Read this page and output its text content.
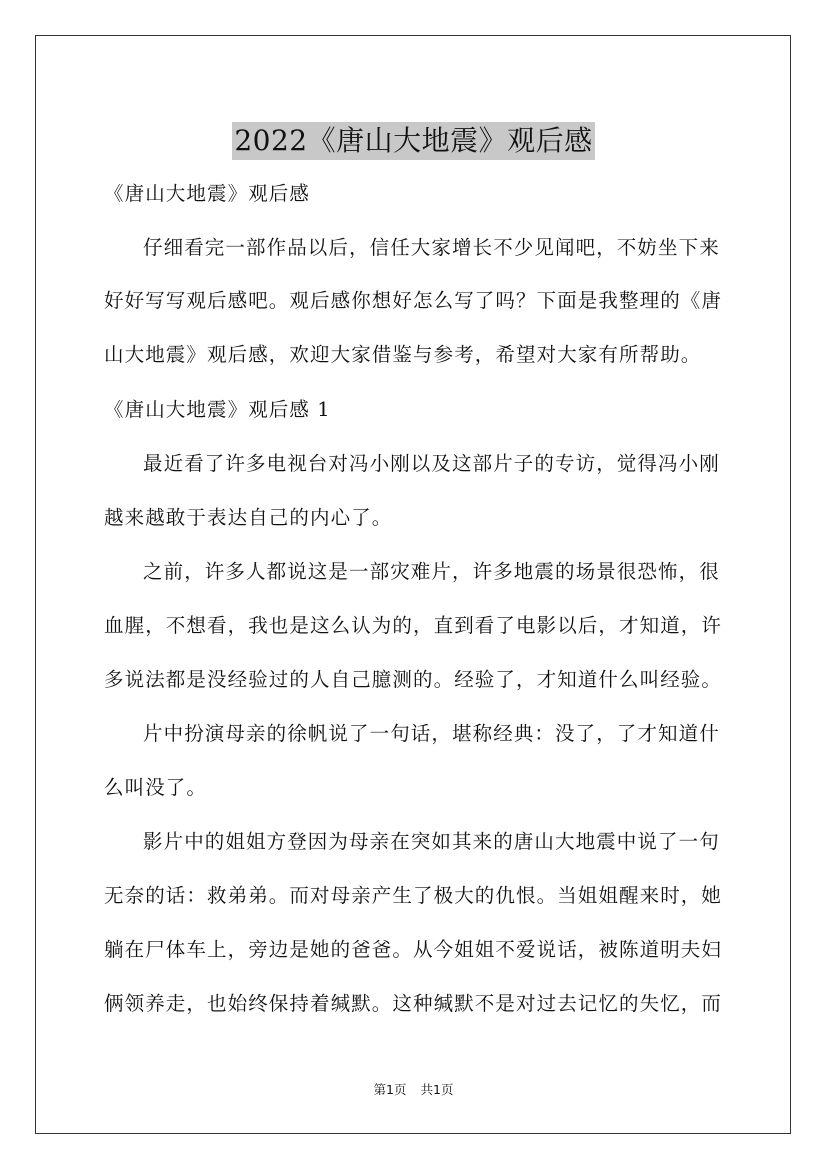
2022《唐山大地震》观后感
《唐山大地震》观后感
仔细看完一部作品以后，信任大家增长不少见闻吧，不妨坐下来
好好写写观后感吧。观后感你想好怎么写了吗？下面是我整理的《唐
山大地震》观后感，欢迎大家借鉴与参考，希望对大家有所帮助。
《唐山大地震》观后感 1
最近看了许多电视台对冯小刚以及这部片子的专访，觉得冯小刚
越来越敢于表达自己的内心了。
之前，许多人都说这是一部灾难片，许多地震的场景很恐怖，很
血腥，不想看，我也是这么认为的，直到看了电影以后，才知道，许
多说法都是没经验过的人自己臆测的。经验了，才知道什么叫经验。
片中扮演母亲的徐帆说了一句话，堪称经典：没了，了才知道什
么叫没了。
影片中的姐姐方登因为母亲在突如其来的唐山大地震中说了一句
无奈的话：救弟弟。而对母亲产生了极大的仇恨。当姐姐醒来时，她
躺在尸体车上，旁边是她的爸爸。从今姐姐不爱说话，被陈道明夫妇
俩领养走，也始终保持着缄默。这种缄默不是对过去记忆的失忆，而
第1页 共1页
